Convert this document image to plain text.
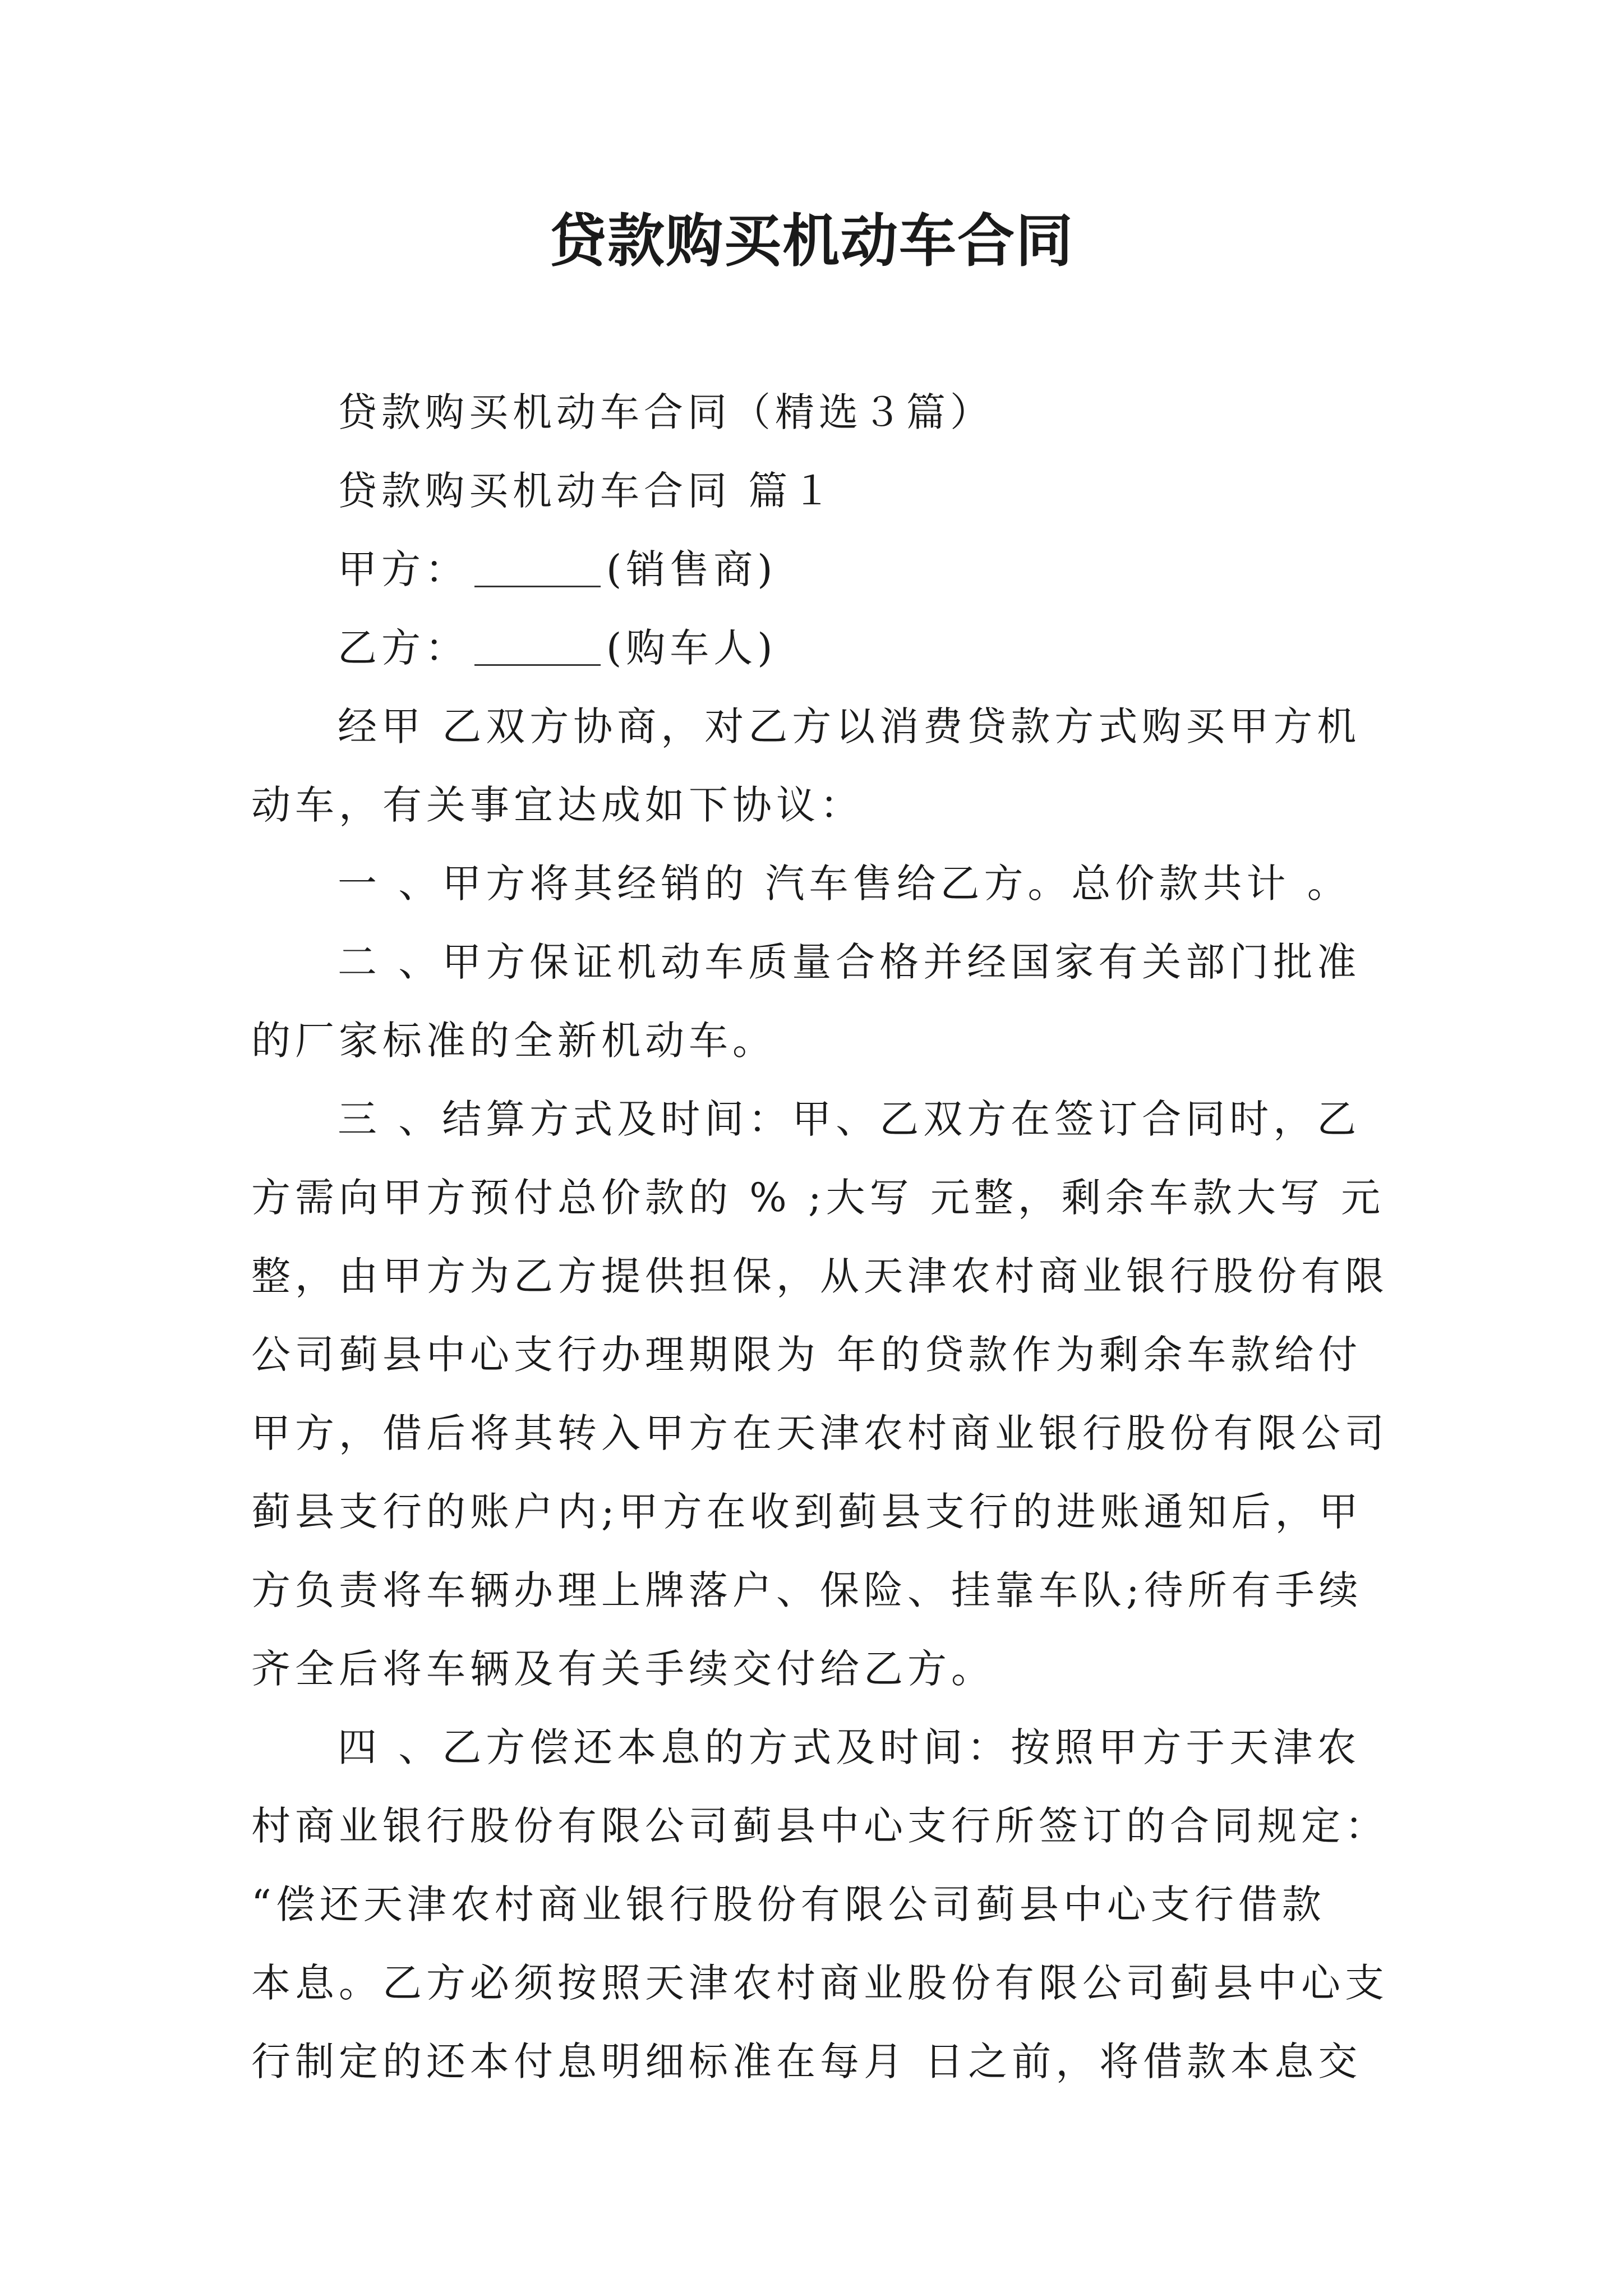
贷款购买机动车合同
贷款购买机动车合同（精选３篇）
贷款购买机动车合同 篇１
甲方：	(销售商)
乙方：	(购车人)
经甲 乙双方协商，对乙方以消费贷款方式购买甲方机
动车，有关事宜达成如下协议：
一 、甲方将其经销的 汽车售给乙方。总价款共计 。
二 、甲方保证机动车质量合格并经国家有关部门批准
的厂家标准的全新机动车。
三 、结算方式及时间：甲、乙双方在签订合同时，乙
方需向甲方预付总价款的 % ;大写 元整，剩余车款大写 元
整，由甲方为乙方提供担保，从天津农村商业银行股份有限
公司蓟县中心支行办理期限为 年的贷款作为剩余车款给付
甲方，借后将其转入甲方在天津农村商业银行股份有限公司
蓟县支行的账户内;甲方在收到蓟县支行的进账通知后，甲
方负责将车辆办理上牌落户、保险、挂靠车队;待所有手续
齐全后将车辆及有关手续交付给乙方。
四 、乙方偿还本息的方式及时间：按照甲方于天津农
村商业银行股份有限公司蓟县中心支行所签订的合同规定：
“偿还天津农村商业银行股份有限公司蓟县中心支行借款
本息。乙方必须按照天津农村商业股份有限公司蓟县中心支
行制定的还本付息明细标准在每月 日之前，将借款本息交
